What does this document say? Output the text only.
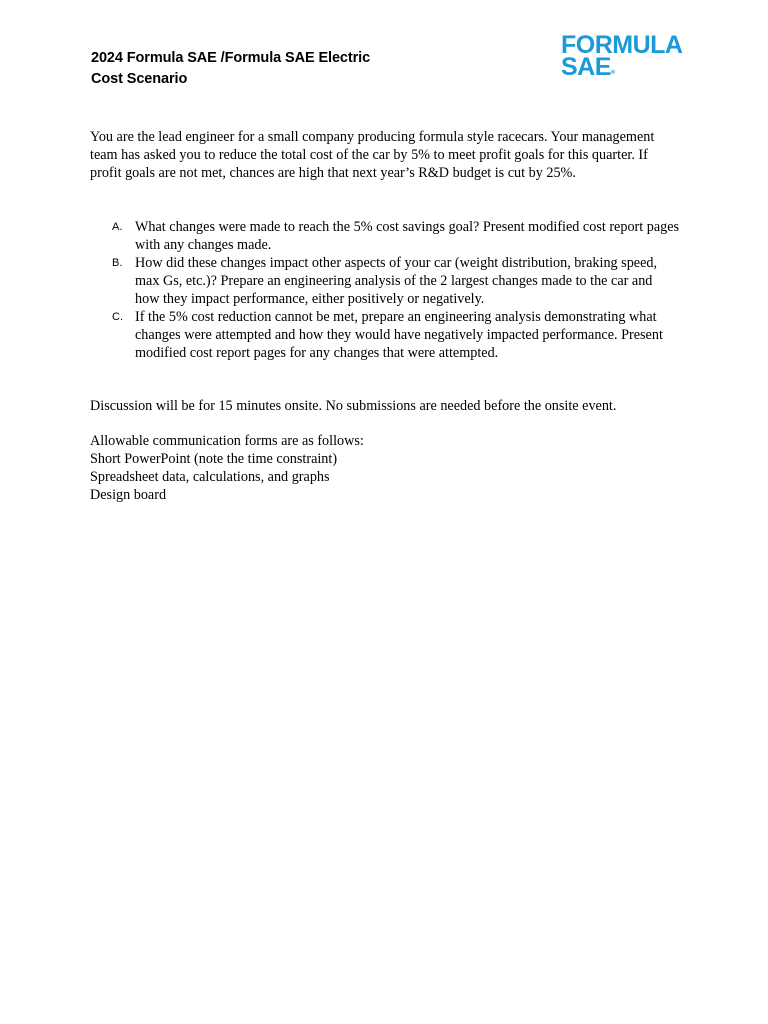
2024 Formula SAE /Formula SAE Electric
Cost Scenario
FORMULA
SAE®
You are the lead engineer for a small company producing formula style racecars. Your management team has asked you to reduce the total cost of the car by 5% to meet profit goals for this quarter. If profit goals are not met, chances are high that next year’s R&D budget is cut by 25%.
A. What changes were made to reach the 5% cost savings goal? Present modified cost report pages with any changes made.
B. How did these changes impact other aspects of your car (weight distribution, braking speed, max Gs, etc.)? Prepare an engineering analysis of the 2 largest changes made to the car and how they impact performance, either positively or negatively.
C. If the 5% cost reduction cannot be met, prepare an engineering analysis demonstrating what changes were attempted and how they would have negatively impacted performance. Present modified cost report pages for any changes that were attempted.
Discussion will be for 15 minutes onsite. No submissions are needed before the onsite event.
Allowable communication forms are as follows:
Short PowerPoint (note the time constraint)
Spreadsheet data, calculations, and graphs
Design board
